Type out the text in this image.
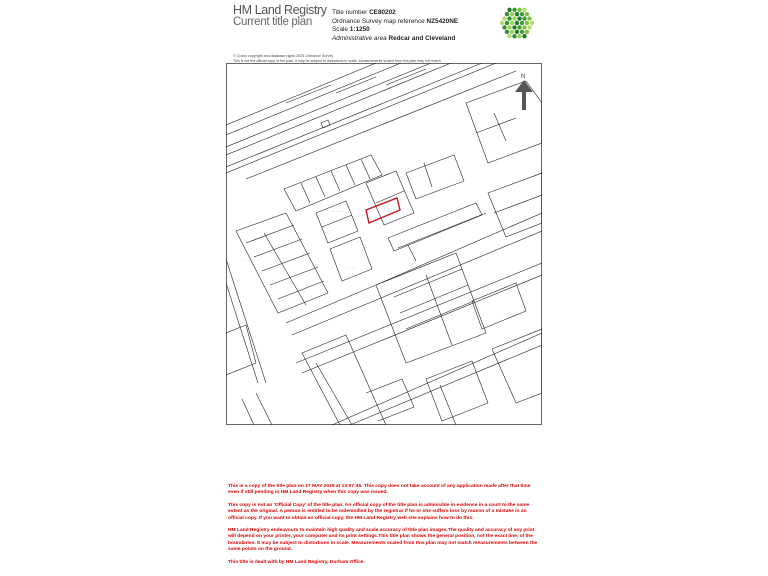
HM Land Registry
Current title plan
Title number CE80202
Ordnance Survey map reference NZ5420NE
Scale 1:1250
Administrative area Redcar and Cleveland
© Crown copyright and database rights 2025 Ordnance Survey
This is not the official copy of the plan. It may be subject to distortions in scale. Measurements scaled from this plan may not match
· · · · · ·
· · · · · ·
· · · · ·
N

This is a copy of the title plan on 27 MAY 2025 at 13:07:45. This copy does not take account of any application made after that time even if still pending in HM Land Registry when this copy was issued.

This copy is not an 'Official Copy' of the title plan. An official copy of the title plan is admissible in evidence in a court to the same extent as the original. A person is entitled to be indemnified by the registrar if he or she suffers loss by reason of a mistake in an official copy. If you want to obtain an official copy, the HM Land Registry web site explains how to do this.

HM Land Registry endeavours to maintain high quality and scale accuracy of title plan images.The quality and accuracy of any print will depend on your printer, your computer and its print settings.This title plan shows the general position, not the exact line, of the boundaries. It may be subject to distortions in scale. Measurements scaled from this plan may not match measurements between the same points on the ground.

This title is dealt with by HM Land Registry, Durham Office.
